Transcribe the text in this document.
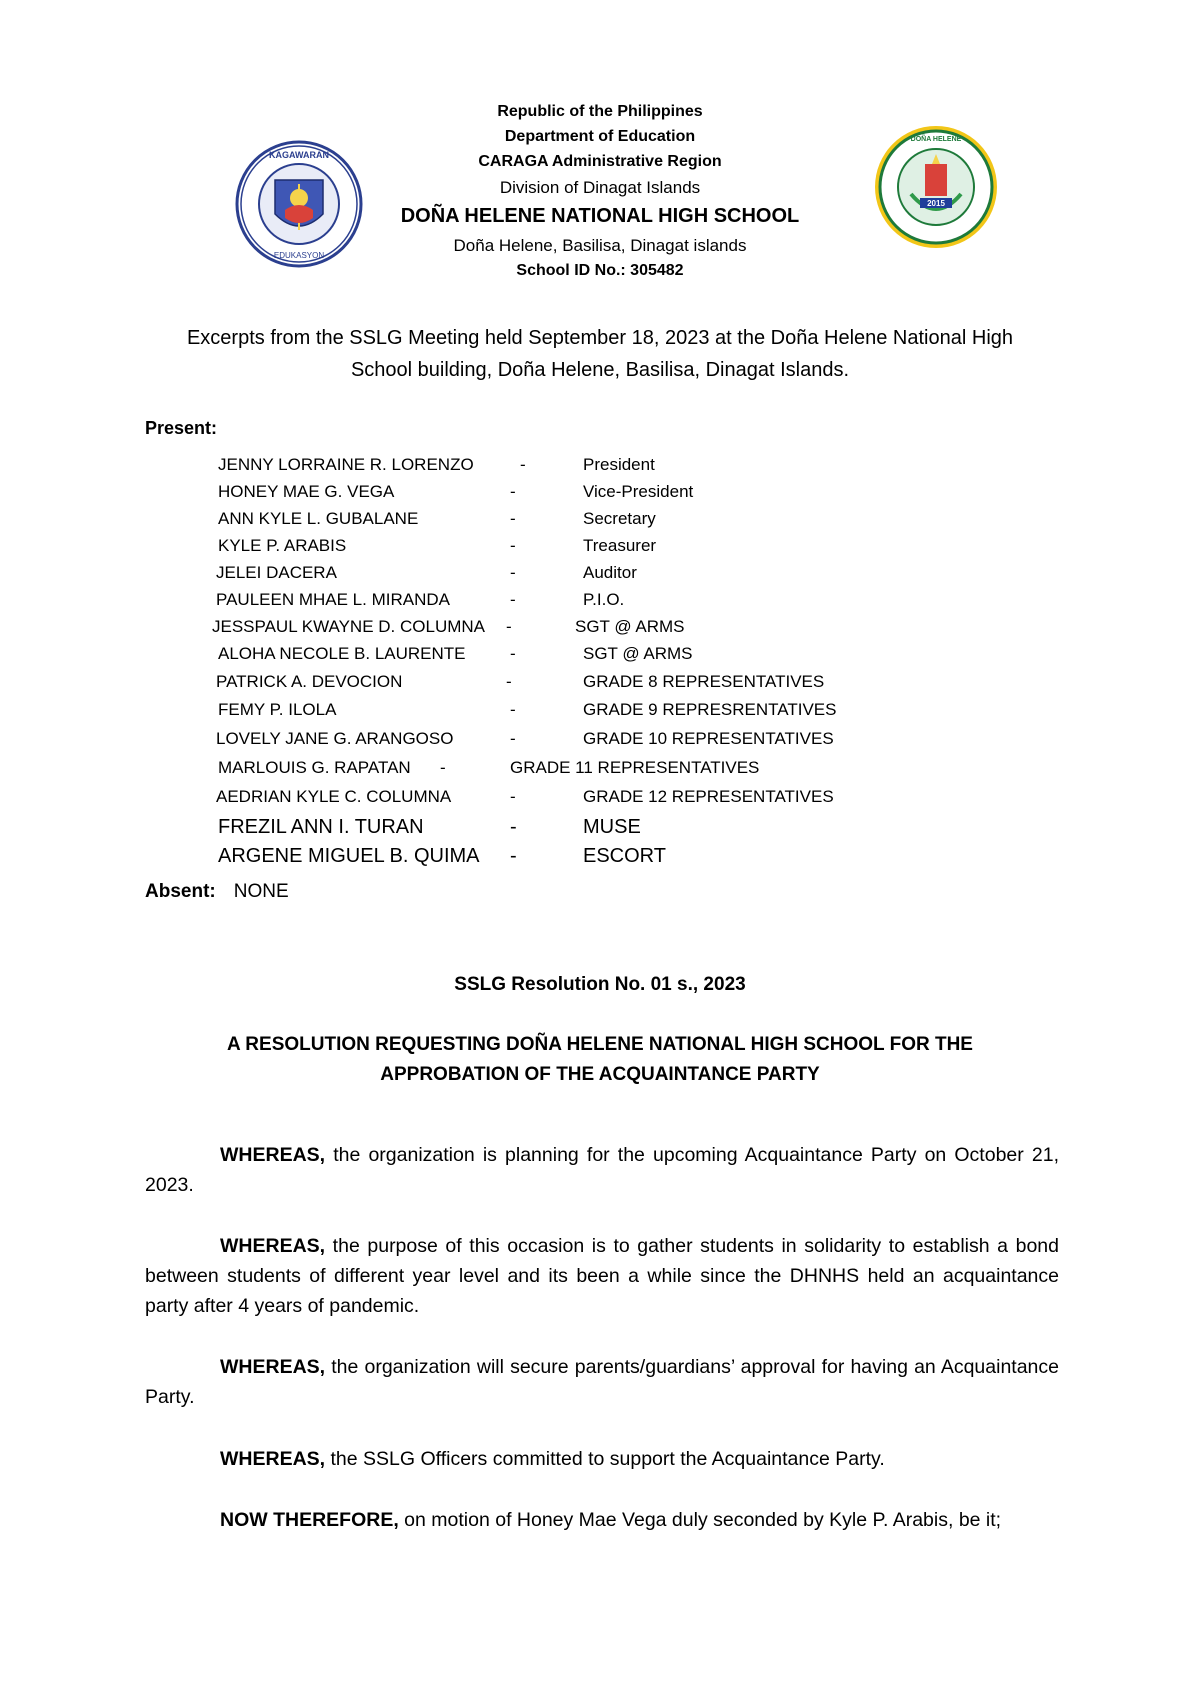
KAGAWARAN
EDUKASYON
2015
DOÑA HELENE
Republic of the Philippines
Department of Education
CARAGA Administrative Region
Division of Dinagat Islands
DOÑA HELENE NATIONAL HIGH SCHOOL
Doña Helene, Basilisa, Dinagat islands
School ID No.: 305482
Excerpts from the SSLG Meeting held September 18, 2023 at the Doña Helene National High
School building, Doña Helene, Basilisa, Dinagat Islands.
Present:
JENNY LORRAINE R. LORENZO	-	President
HONEY MAE G. VEGA	-	Vice-President
ANN KYLE L. GUBALANE	-	Secretary
KYLE P. ARABIS	-	Treasurer
JELEI DACERA	-	Auditor
PAULEEN MHAE L. MIRANDA	-	P.I.O.
JESSPAUL KWAYNE D. COLUMNA -	SGT @ ARMS
ALOHA NECOLE B. LAURENTE	-	SGT @ ARMS
PATRICK A. DEVOCION	-	GRADE 8 REPRESENTATIVES
FEMY P. ILOLA	-	GRADE 9 REPRESRENTATIVES
LOVELY JANE G. ARANGOSO	-	GRADE 10 REPRESENTATIVES
MARLOUIS G. RAPATAN -	GRADE 11 REPRESENTATIVES
AEDRIAN KYLE C. COLUMNA	-	GRADE 12 REPRESENTATIVES
FREZIL ANN I. TURAN	-	MUSE
ARGENE MIGUEL B. QUIMA -	ESCORT
Absent: NONE
SSLG Resolution No. 01 s., 2023
A RESOLUTION REQUESTING DOÑA HELENE NATIONAL HIGH SCHOOL FOR THE
APPROBATION OF THE ACQUAINTANCE PARTY
WHEREAS, the organization is planning for the upcoming Acquaintance Party on October 21, 2023.
WHEREAS, the purpose of this occasion is to gather students in solidarity to establish a bond between students of different year level and its been a while since the DHNHS held an acquaintance party after 4 years of pandemic.
WHEREAS, the organization will secure parents/guardians’ approval for having an Acquaintance Party.
WHEREAS, the SSLG Officers committed to support the Acquaintance Party.
NOW THEREFORE, on motion of Honey Mae Vega duly seconded by Kyle P. Arabis, be it;
